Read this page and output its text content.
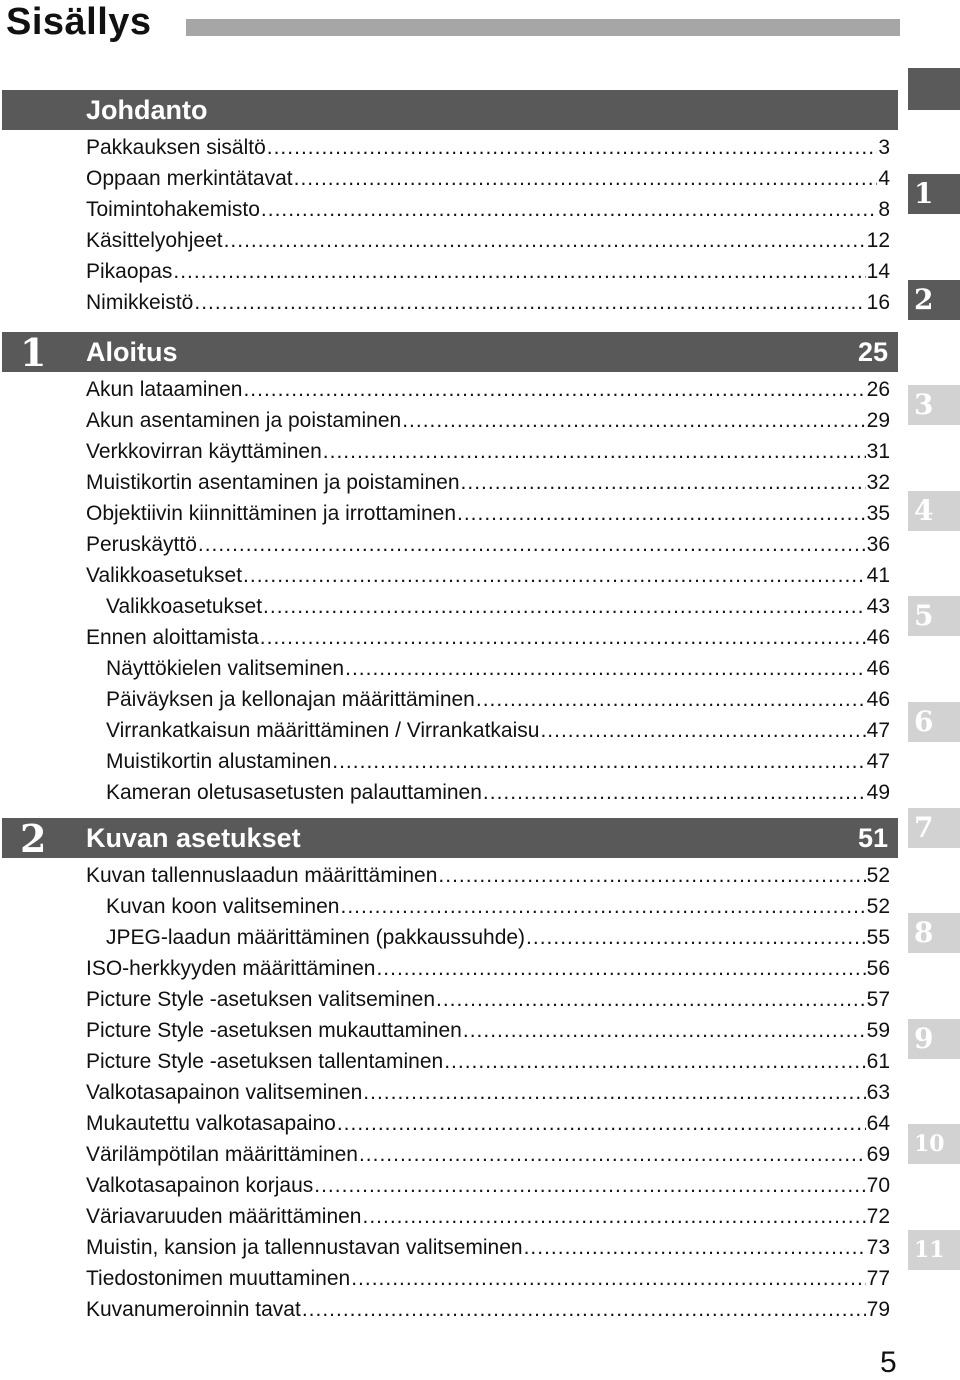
Sisällys
Johdanto
Pakkauksen sisältö .....	3
Oppaan merkintätavat .....	4
Toimintohakemisto .....	8
Käsittelyohjeet .....	12
Pikaopas .....	14
Nimikkeistö .....	16
1 Aloitus	25
Akun lataaminen .....	26
Akun asentaminen ja poistaminen .....	29
Verkkovirran käyttäminen .....	31
Muistikortin asentaminen ja poistaminen .....	32
Objektiivin kiinnittäminen ja irrottaminen .....	35
Peruskäyttö .....	36
Valikkoasetukset .....	41
Valikkoasetukset .....	43
Ennen aloittamista .....	46
Näyttökielen valitseminen .....	46
Päiväyksen ja kellonajan määrittäminen .....	46
Virrankatkaisun määrittäminen / Virrankatkaisu .....	47
Muistikortin alustaminen .....	47
Kameran oletusasetusten palauttaminen .....	49
2 Kuvan asetukset	51
Kuvan tallennuslaadun määrittäminen .....	52
Kuvan koon valitseminen .....	52
JPEG-laadun määrittäminen (pakkaussuhde) .....	55
ISO-herkkyyden määrittäminen .....	56
Picture Style -asetuksen valitseminen .....	57
Picture Style -asetuksen mukauttaminen .....	59
Picture Style -asetuksen tallentaminen .....	61
Valkotasapainon valitseminen .....	63
Mukautettu valkotasapaino .....	64
Värilämpötilan määrittäminen .....	69
Valkotasapainon korjaus .....	70
Väriavaruuden määrittäminen .....	72
Muistin, kansion ja tallennustavan valitseminen .....	73
Tiedostonimen muuttaminen .....	77
Kuvanumeroinnin tavat .....	79
1
2
3
4
5
6
7
8
9
10
11
5
